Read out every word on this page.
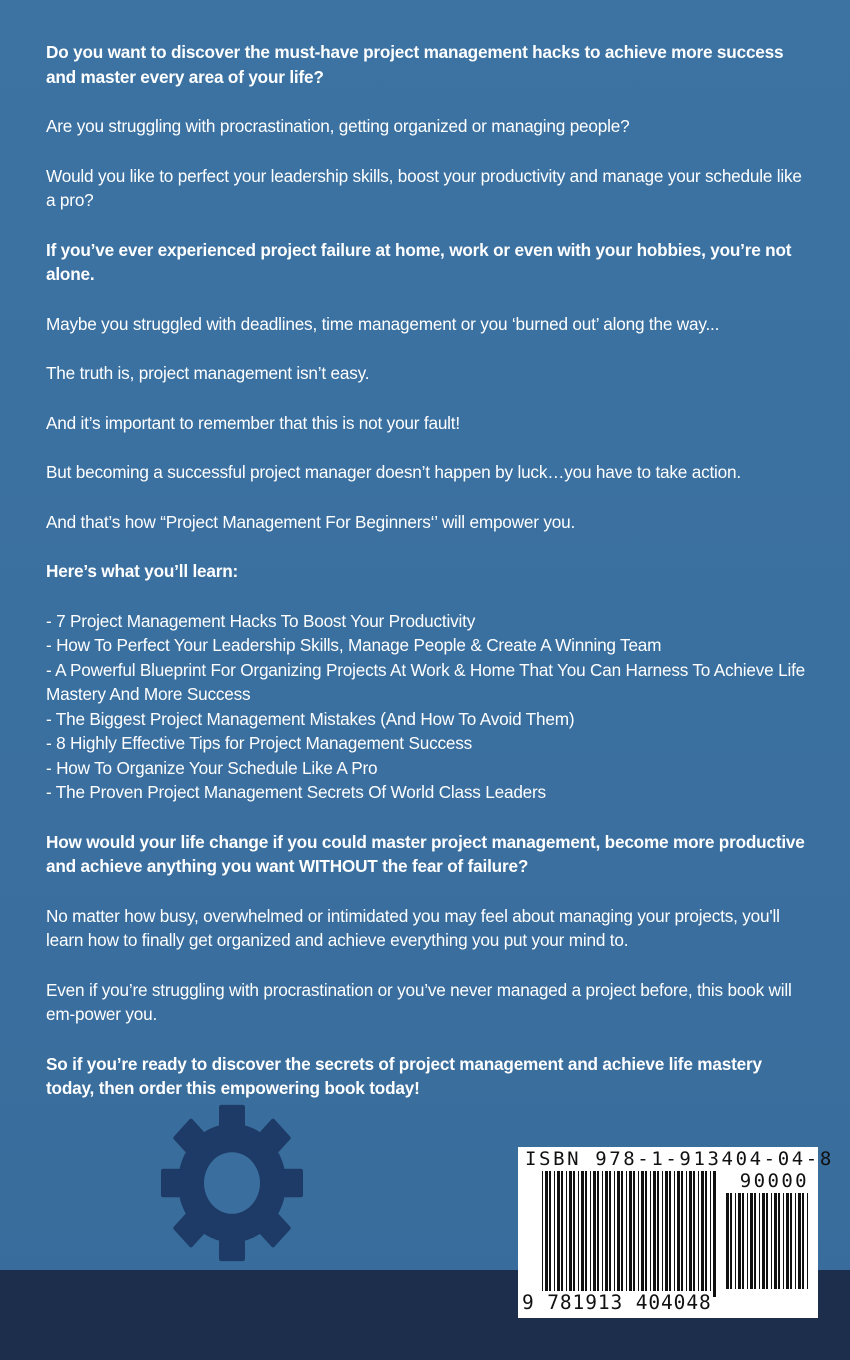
Do you want to discover the must-have project management hacks to achieve more success and master every area of your life?

Are you struggling with procrastination, getting organized or managing people?

Would you like to perfect your leadership skills, boost your productivity and manage your schedule like a pro?

If you’ve ever experienced project failure at home, work or even with your hobbies, you’re not alone.

Maybe you struggled with deadlines, time management or you ‘burned out’ along the way...

The truth is, project management isn’t easy.

And it’s important to remember that this is not your fault!

But becoming a successful project manager doesn’t happen by luck…you have to take action.

And that’s how “Project Management For Beginners‘’ will empower you.

Here’s what you’ll learn:

- 7 Project Management Hacks To Boost Your Productivity
- How To Perfect Your Leadership Skills, Manage People & Create A Winning Team
- A Powerful Blueprint For Organizing Projects At Work & Home That You Can Harness To Achieve Life Mastery And More Success
- The Biggest Project Management Mistakes (And How To Avoid Them)
- 8 Highly Effective Tips for Project Management Success
- How To Organize Your Schedule Like A Pro
- The Proven Project Management Secrets Of World Class Leaders

How would your life change if you could master project management, become more productive and achieve anything you want WITHOUT the fear of failure?

No matter how busy, overwhelmed or intimidated you may feel about managing your projects, you'll learn how to finally get organized and achieve everything you put your mind to.

Even if you’re struggling with procrastination or you’ve never managed a project before, this book will em-power you.

So if you’re ready to discover the secrets of project management and achieve life mastery today, then order this empowering book today!

ISBN 978-1-913404-04-8
90000
9 781913 404048
